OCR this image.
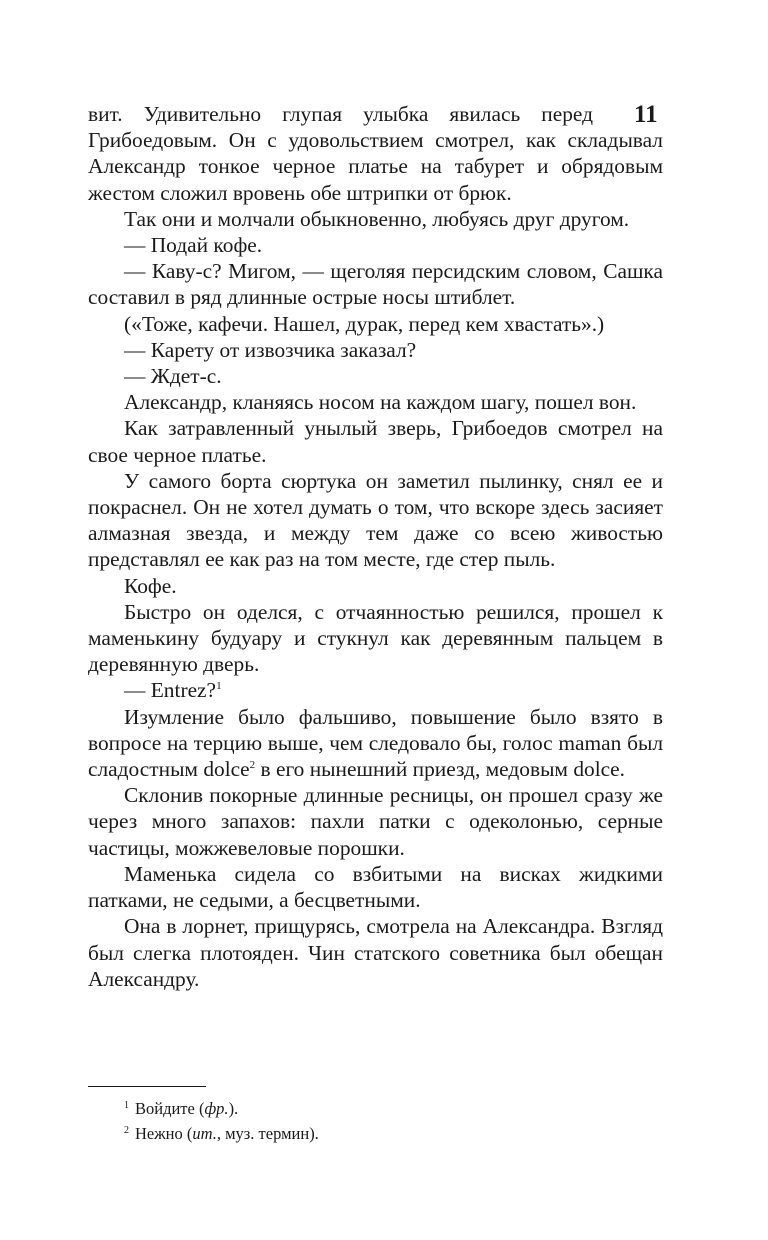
11

вит. Удивительно глупая улыбка явилась перед
Грибоедовым. Он с удовольствием смотрел, как складывал Александр тонкое черное платье на табурет и обрядовым жестом сложил вровень обе штрипки от брюк.

Так они и молчали обыкновенно, любуясь друг другом.

— Подай кофе.

— Каву-с? Мигом, — щеголяя персидским словом, Сашка составил в ряд длинные острые носы штиблет.

(«Тоже, кафечи. Нашел, дурак, перед кем хвастать».)

— Карету от извозчика заказал?

— Ждет-с.

Александр, кланяясь носом на каждом шагу, пошел вон.

Как затравленный унылый зверь, Грибоедов смотрел на свое черное платье.

У самого борта сюртука он заметил пылинку, снял ее и покраснел. Он не хотел думать о том, что вскоре здесь засияет алмазная звезда, и между тем даже со всею живостью представлял ее как раз на том месте, где стер пыль.

Кофе.

Быстро он оделся, с отчаянностью решился, прошел к маменькину будуару и стукнул как деревянным пальцем в деревянную дверь.

— Entrez?$^1$

Изумление было фальшиво, повышение было взято в вопросе на терцию выше, чем следовало бы, голос maman был сладостным dolce$^2$ в его нынешний приезд, медовым dolce.

Склонив покорные длинные ресницы, он прошел сразу же через много запахов: пахли патки с одеколонью, серные частицы, можжевеловые порошки.

Маменька сидела со взбитыми на висках жидкими патками, не седыми, а бесцветными.

Она в лорнет, прищурясь, смотрела на Александра. Взгляд был слегка плотояден. Чин статского советника был обещан Александру.

$^1$ Войдите (фр.).

$^2$ Нежно (ит., муз. термин).
